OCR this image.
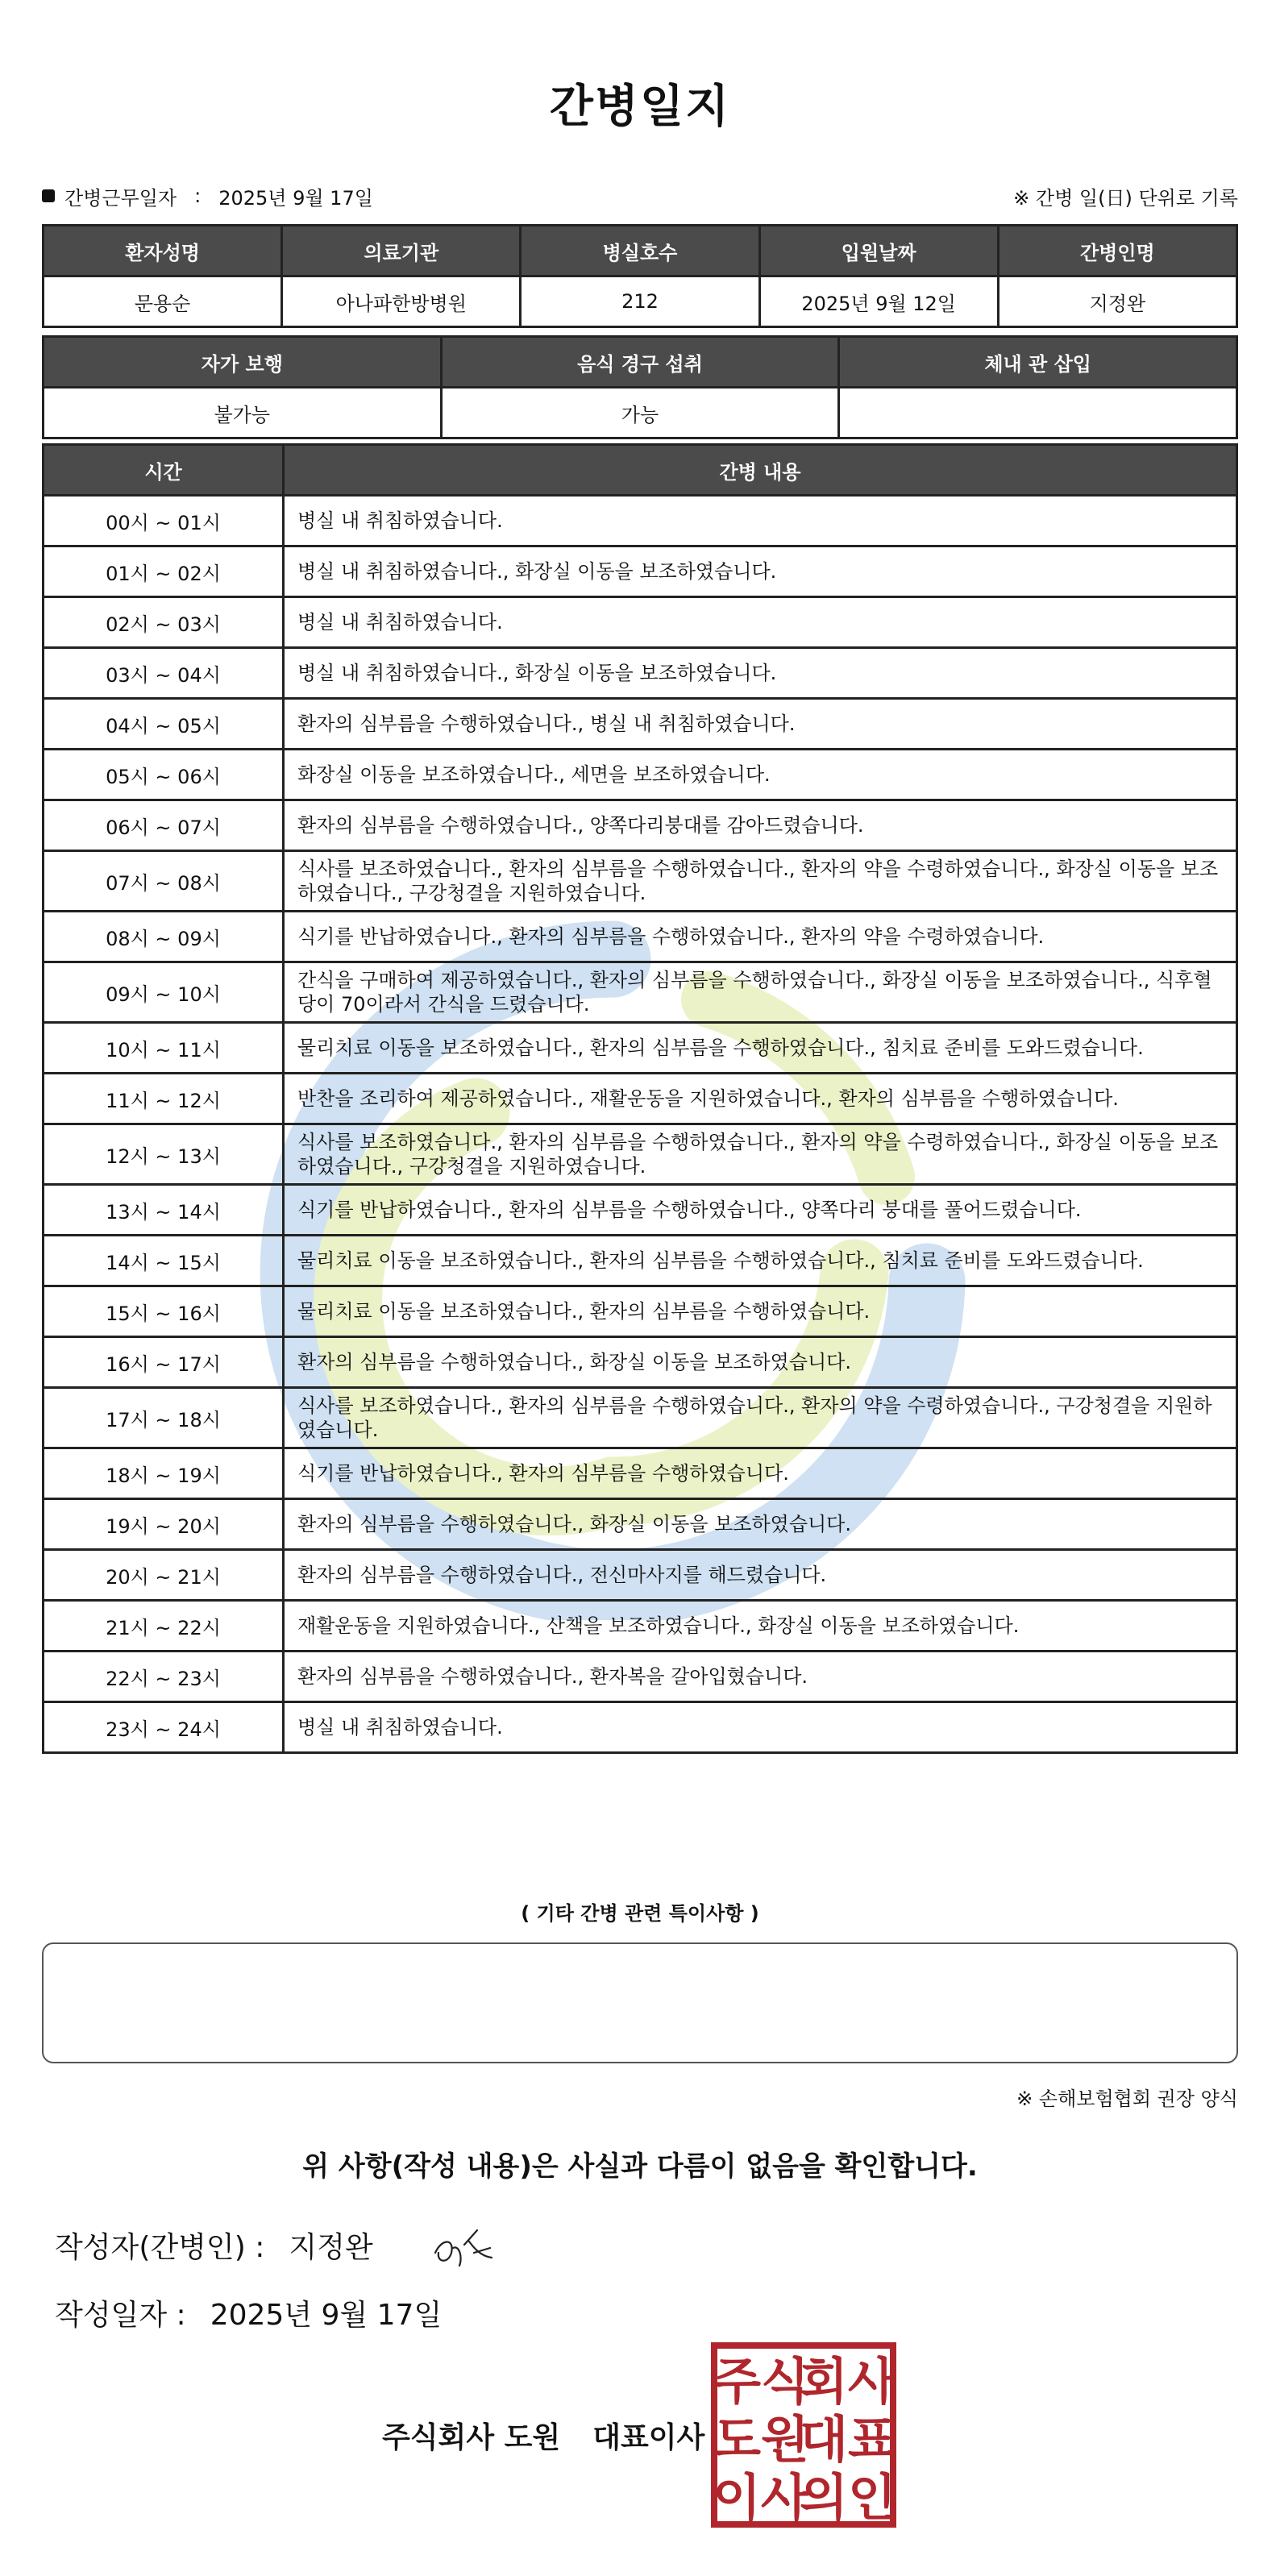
간병일지
간병근무일자 : 2025년 9월 17일	※ 간병 일(日) 단위로 기록
환자성명	의료기관	병실호수	입원날짜	간병인명
문용순	아나파한방병원	212	2025년 9월 12일	지정완
자가 보행	음식 경구 섭취	체내 관 삽입
불가능	가능	
시간	간병 내용
00시 ~ 01시	병실 내 취침하였습니다.
01시 ~ 02시	병실 내 취침하였습니다., 화장실 이동을 보조하였습니다.
02시 ~ 03시	병실 내 취침하였습니다.
03시 ~ 04시	병실 내 취침하였습니다., 화장실 이동을 보조하였습니다.
04시 ~ 05시	환자의 심부름을 수행하였습니다., 병실 내 취침하였습니다.
05시 ~ 06시	화장실 이동을 보조하였습니다., 세면을 보조하였습니다.
06시 ~ 07시	환자의 심부름을 수행하였습니다., 양쪽다리붕대를 감아드렸습니다.
07시 ~ 08시	식사를 보조하였습니다., 환자의 심부름을 수행하였습니다., 환자의 약을 수령하였습니다., 화장실 이동을 보조하였습니다., 구강청결을 지원하였습니다.
08시 ~ 09시	식기를 반납하였습니다., 환자의 심부름을 수행하였습니다., 환자의 약을 수령하였습니다.
09시 ~ 10시	간식을 구매하여 제공하였습니다., 환자의 심부름을 수행하였습니다., 화장실 이동을 보조하였습니다., 식후혈당이 70이라서 간식을 드렸습니다.
10시 ~ 11시	물리치료 이동을 보조하였습니다., 환자의 심부름을 수행하였습니다., 침치료 준비를 도와드렸습니다.
11시 ~ 12시	반찬을 조리하여 제공하였습니다., 재활운동을 지원하였습니다., 환자의 심부름을 수행하였습니다.
12시 ~ 13시	식사를 보조하였습니다., 환자의 심부름을 수행하였습니다., 환자의 약을 수령하였습니다., 화장실 이동을 보조하였습니다., 구강청결을 지원하였습니다.
13시 ~ 14시	식기를 반납하였습니다., 환자의 심부름을 수행하였습니다., 양쪽다리 붕대를 풀어드렸습니다.
14시 ~ 15시	물리치료 이동을 보조하였습니다., 환자의 심부름을 수행하였습니다., 침치료 준비를 도와드렸습니다.
15시 ~ 16시	물리치료 이동을 보조하였습니다., 환자의 심부름을 수행하였습니다.
16시 ~ 17시	환자의 심부름을 수행하였습니다., 화장실 이동을 보조하였습니다.
17시 ~ 18시	식사를 보조하였습니다., 환자의 심부름을 수행하였습니다., 환자의 약을 수령하였습니다., 구강청결을 지원하였습니다.
18시 ~ 19시	식기를 반납하였습니다., 환자의 심부름을 수행하였습니다.
19시 ~ 20시	환자의 심부름을 수행하였습니다., 화장실 이동을 보조하였습니다.
20시 ~ 21시	환자의 심부름을 수행하였습니다., 전신마사지를 해드렸습니다.
21시 ~ 22시	재활운동을 지원하였습니다., 산책을 보조하였습니다., 화장실 이동을 보조하였습니다.
22시 ~ 23시	환자의 심부름을 수행하였습니다., 환자복을 갈아입혔습니다.
23시 ~ 24시	병실 내 취침하였습니다.
( 기타 간병 관련 특이사항 )
※ 손해보험협회 권장 양식
위 사항(작성 내용)은 사실과 다름이 없음을 확인합니다.
작성자(간병인) : 지정완
작성일자 : 2025년 9월 17일
주식회사 도원 대표이사
주식
회사
도원
대표
이사
의인
